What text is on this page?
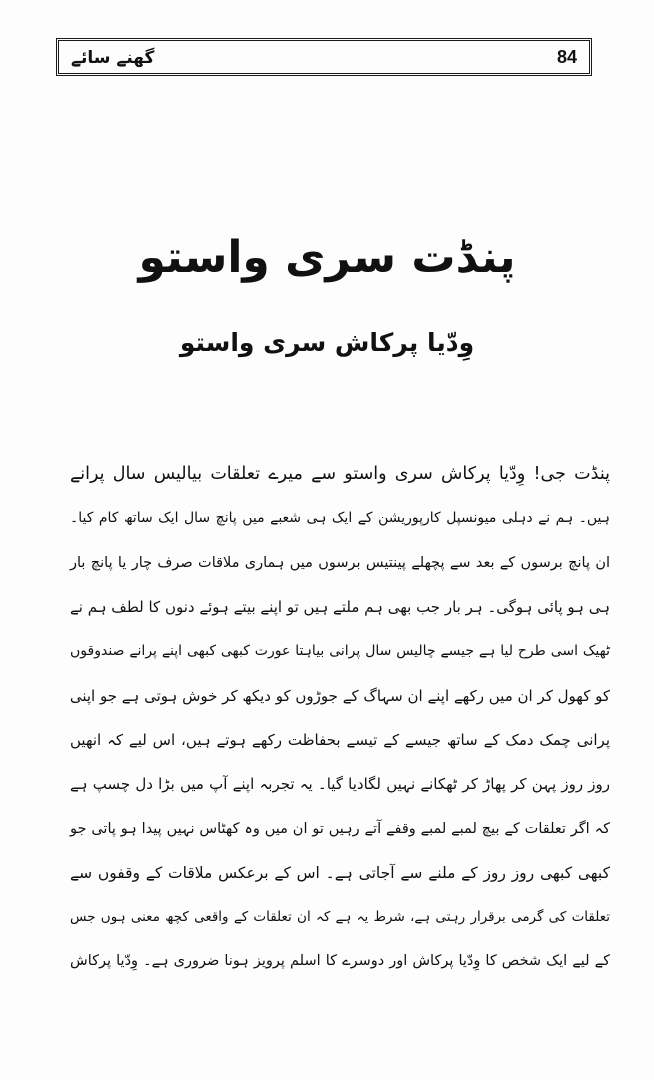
گھنے سائے	84
پنڈت سری واستو
وِدّیا پرکاش سری واستو
پنڈت جی! وِدّیا پرکاش سری واستو سے میرے تعلقات بیالیس سال پرانے
ہیں۔ ہم نے دہلی میونسپل کارپوریشن کے ایک ہی شعبے میں پانچ سال ایک ساتھ کام کیا۔
ان پانچ برسوں کے بعد سے پچھلے پینتیس برسوں میں ہماری ملاقات صرف چار یا پانچ بار
ہی ہو پائی ہوگی۔ ہر بار جب بھی ہم ملتے ہیں تو اپنے بیتے ہوئے دنوں کا لطف ہم نے
ٹھیک اسی طرح لیا ہے جیسے چالیس سال پرانی بیاہتا عورت کبھی کبھی اپنے پرانے صندوقوں
کو کھول کر ان میں رکھے اپنے ان سہاگ کے جوڑوں کو دیکھ کر خوش ہوتی ہے جو اپنی
پرانی چمک دمک کے ساتھ جیسے کے تیسے بحفاظت رکھے ہوتے ہیں، اس لیے کہ انھیں
روز روز پہن کر پھاڑ کر ٹھکانے نہیں لگادیا گیا۔ یہ تجربہ اپنے آپ میں بڑا دل چسپ ہے
کہ اگر تعلقات کے بیچ لمبے لمبے وقفے آتے رہیں تو ان میں وہ کھٹاس نہیں پیدا ہو پاتی جو
کبھی کبھی روز روز کے ملنے سے آجاتی ہے۔ اس کے برعکس ملاقات کے وقفوں سے
تعلقات کی گرمی برقرار رہتی ہے، شرط یہ ہے کہ ان تعلقات کے واقعی کچھ معنی ہوں جس
کے لیے ایک شخص کا وِدّیا پرکاش اور دوسرے کا اسلم پرویز ہونا ضروری ہے۔ وِدّیا پرکاش
